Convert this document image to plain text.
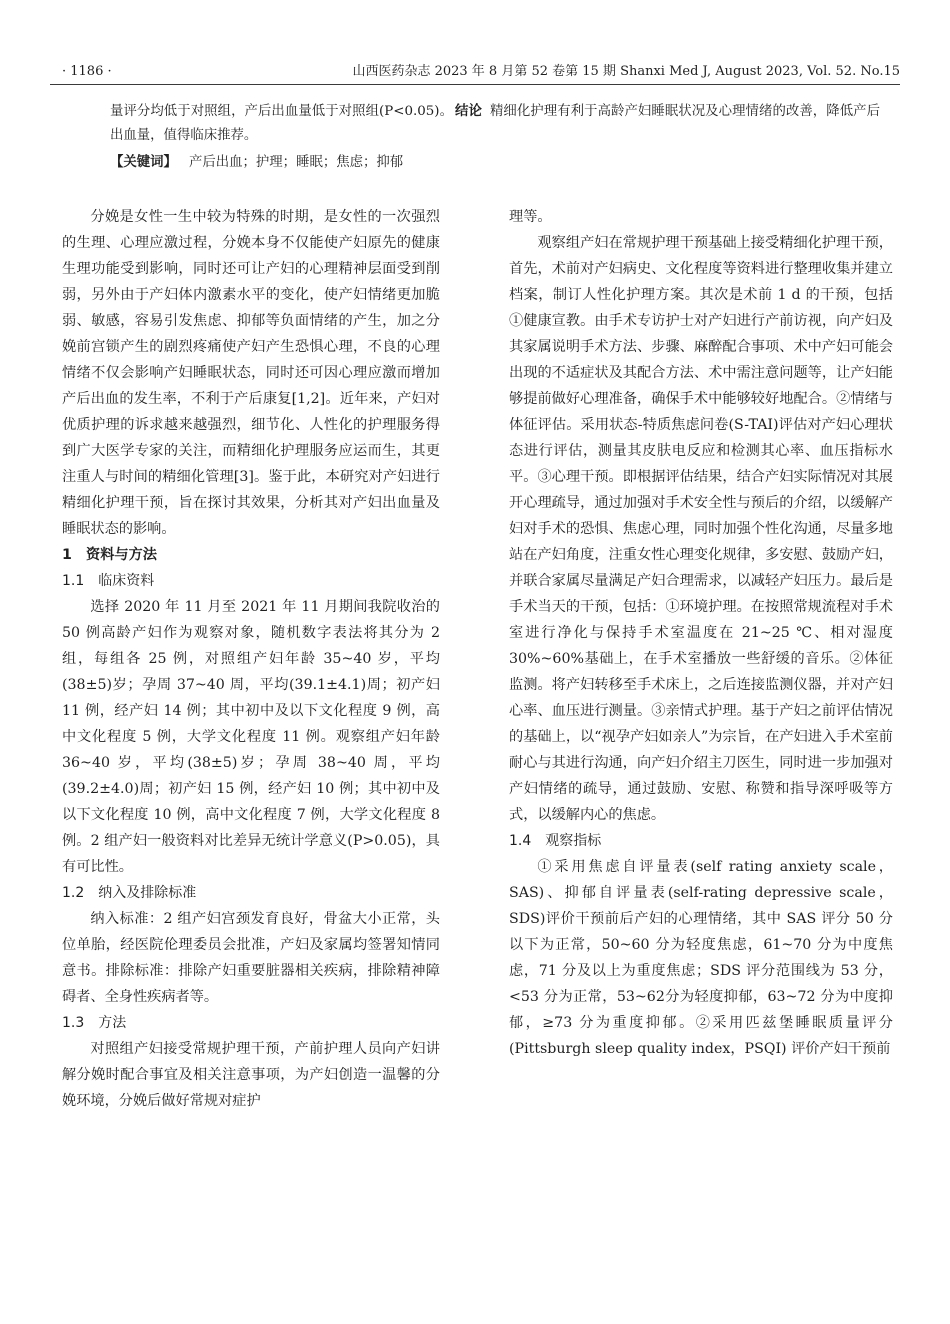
· 1186 ·	山西医药杂志 2023 年 8 月第 52 卷第 15 期 Shanxi Med J, August 2023, Vol. 52. No.15
量评分均低于对照组，产后出血量低于对照组(P<0.05)。 结论 精细化护理有利于高龄产妇睡眠状况及心理情绪的改善，降低产后出血量，值得临床推荐。
【关键词】 产后出血；护理；睡眠；焦虑；抑郁

分娩是女性一生中较为特殊的时期，是女性的一次强烈的生理、心理应激过程，分娩本身不仅能使产妇原先的健康生理功能受到影响，同时还可让产妇的心理精神层面受到削弱，另外由于产妇体内激素水平的变化，使产妇情绪更加脆弱、敏感，容易引发焦虑、抑郁等负面情绪的产生，加之分娩前宫锁产生的剧烈疼痛使产妇产生恐惧心理，不良的心理情绪不仅会影响产妇睡眠状态，同时还可因心理应激而增加产后出血的发生率，不利于产后康复[1,2]。近年来，产妇对优质护理的诉求越来越强烈，细节化、人性化的护理服务得到广大医学专家的关注，而精细化护理服务应运而生，其更注重人与时间的精细化管理[3]。鉴于此，本研究对产妇进行精细化护理干预，旨在探讨其效果，分析其对产妇出血量及睡眠状态的影响。

1　资料与方法
1.1　临床资料

选择 2020 年 11 月至 2021 年 11 月期间我院收治的 50 例高龄产妇作为观察对象，随机数字表法将其分为 2 组，每组各 25 例，对照组产妇年龄 35~40 岁，平均(38±5)岁；孕周 37~40 周，平均(39.1±4.1)周；初产妇 11 例，经产妇 14 例；其中初中及以下文化程度 9 例，高中文化程度 5 例，大学文化程度 11 例。观察组产妇年龄 36~40 岁，平均(38±5)岁；孕周 38~40 周，平均(39.2±4.0)周；初产妇 15 例，经产妇 10 例；其中初中及以下文化程度 10 例，高中文化程度 7 例，大学文化程度 8 例。2 组产妇一般资料对比差异无统计学意义(P>0.05)，具有可比性。

1.2　纳入及排除标准

纳入标准：2 组产妇宫颈发育良好，骨盆大小正常，头位单胎，经医院伦理委员会批准，产妇及家属均签署知情同意书。排除标准：排除产妇重要脏器相关疾病，排除精神障碍者、全身性疾病者等。

1.3　方法

对照组产妇接受常规护理干预，产前护理人员向产妇讲解分娩时配合事宜及相关注意事项，为产妇创造一温馨的分娩环境，分娩后做好常规对症护

理等。

观察组产妇在常规护理干预基础上接受精细化护理干预，首先，术前对产妇病史、文化程度等资料进行整理收集并建立档案，制订人性化护理方案。其次是术前 1 d 的干预，包括①健康宣教。由手术专访护士对产妇进行产前访视，向产妇及其家属说明手术方法、步骤、麻醉配合事项、术中产妇可能会出现的不适症状及其配合方法、术中需注意问题等，让产妇能够提前做好心理准备，确保手术中能够较好地配合。②情绪与体征评估。采用状态-特质焦虑问卷(S-TAI)评估对产妇心理状态进行评估，测量其皮肤电反应和检测其心率、血压指标水平。③心理干预。即根据评估结果，结合产妇实际情况对其展开心理疏导，通过加强对手术安全性与预后的介绍，以缓解产妇对手术的恐惧、焦虑心理，同时加强个性化沟通，尽量多地站在产妇角度，注重女性心理变化规律，多安慰、鼓励产妇，并联合家属尽量满足产妇合理需求，以减轻产妇压力。最后是手术当天的干预，包括：①环境护理。在按照常规流程对手术室进行净化与保持手术室温度在 21~25 ℃、相对湿度 30%~60%基础上，在手术室播放一些舒缓的音乐。②体征监测。将产妇转移至手术床上，之后连接监测仪器，并对产妇心率、血压进行测量。③亲情式护理。基于产妇之前评估情况的基础上，以“视孕产妇如亲人”为宗旨，在产妇进入手术室前耐心与其进行沟通，向产妇介绍主刀医生，同时进一步加强对产妇情绪的疏导，通过鼓励、安慰、称赞和指导深呼吸等方式，以缓解内心的焦虑。

1.4　观察指标

①采用焦虑自评量表(self rating anxiety scale，SAS)、抑郁自评量表(self-rating depressive scale，SDS)评价干预前后产妇的心理情绪，其中 SAS 评分 50 分以下为正常，50~60 分为轻度焦虑，61~70 分为中度焦虑，71 分及以上为重度焦虑；SDS 评分范围线为 53 分，<53 分为正常，53~62分为轻度抑郁，63~72 分为中度抑郁，≥73 分为重度抑郁。②采用匹兹堡睡眠质量评分(Pittsburgh sleep quality index，PSQI) 评价产妇干预前
